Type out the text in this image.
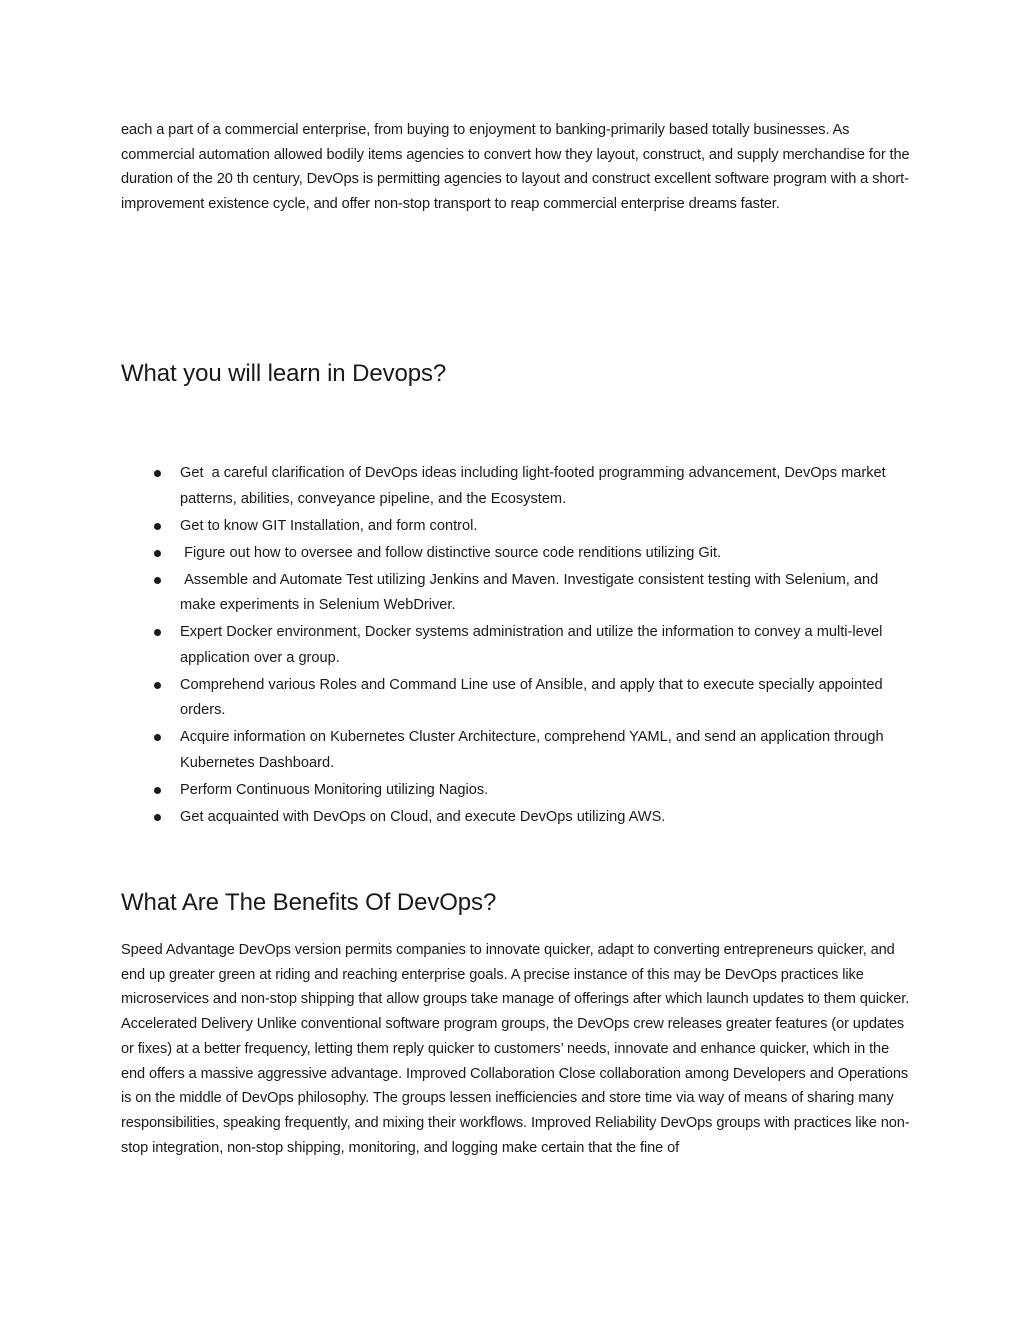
each a part of a commercial enterprise, from buying to enjoyment to banking-primarily based totally businesses. As commercial automation allowed bodily items agencies to convert how they layout, construct, and supply merchandise for the duration of the 20 th century, DevOps is permitting agencies to layout and construct excellent software program with a short-improvement existence cycle, and offer non-stop transport to reap commercial enterprise dreams faster.

What you will learn in Devops?
Get  a careful clarification of DevOps ideas including light-footed programming advancement, DevOps market patterns, abilities, conveyance pipeline, and the Ecosystem.
Get to know GIT Installation, and form control.
Figure out how to oversee and follow distinctive source code renditions utilizing Git.
Assemble and Automate Test utilizing Jenkins and Maven. Investigate consistent testing with Selenium, and make experiments in Selenium WebDriver.
Expert Docker environment, Docker systems administration and utilize the information to convey a multi-level application over a group.
Comprehend various Roles and Command Line use of Ansible, and apply that to execute specially appointed orders.
Acquire information on Kubernetes Cluster Architecture, comprehend YAML, and send an application through Kubernetes Dashboard.
Perform Continuous Monitoring utilizing Nagios.
Get acquainted with DevOps on Cloud, and execute DevOps utilizing AWS.
What Are The Benefits Of DevOps?

Speed Advantage DevOps version permits companies to innovate quicker, adapt to converting entrepreneurs quicker, and end up greater green at riding and reaching enterprise goals. A precise instance of this may be DevOps practices like microservices and non-stop shipping that allow groups take manage of offerings after which launch updates to them quicker. Accelerated Delivery Unlike conventional software program groups, the DevOps crew releases greater features (or updates or fixes) at a better frequency, letting them reply quicker to customers’ needs, innovate and enhance quicker, which in the end offers a massive aggressive advantage. Improved Collaboration Close collaboration among Developers and Operations is on the middle of DevOps philosophy. The groups lessen inefficiencies and store time via way of means of sharing many responsibilities, speaking frequently, and mixing their workflows. Improved Reliability DevOps groups with practices like non-stop integration, non-stop shipping, monitoring, and logging make certain that the fine of
